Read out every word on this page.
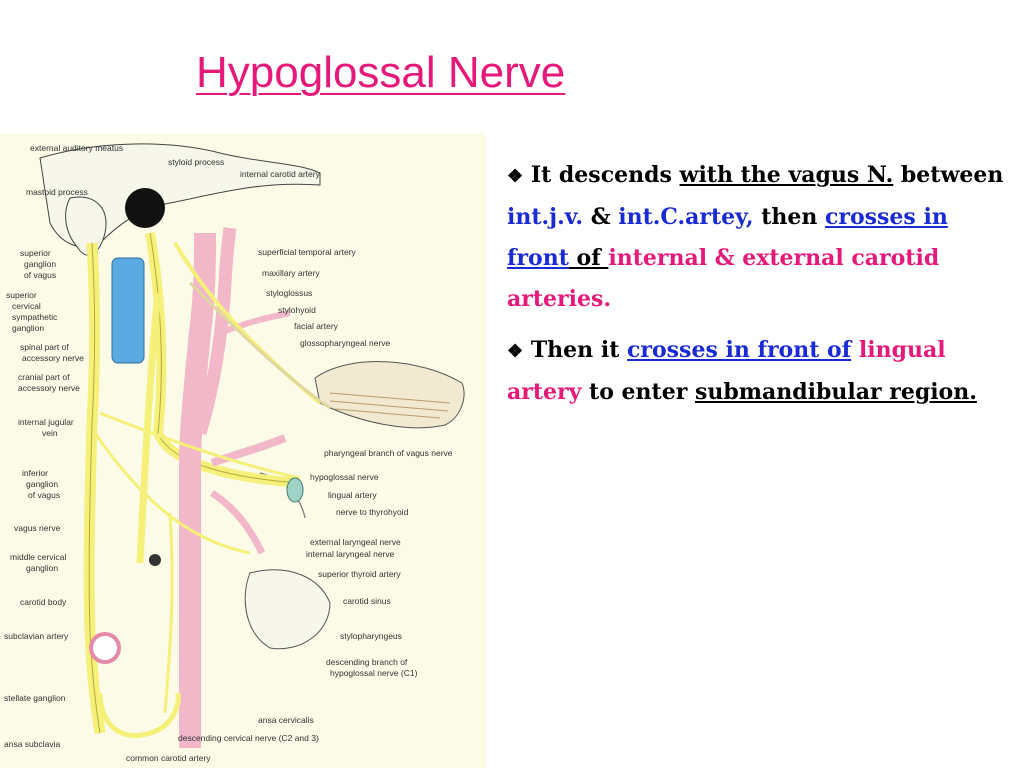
Hypoglossal Nerve
external auditory meatus
styloid process
internal carotid artery
mastoid process
superior
ganglion
of vagus
superior
cervical
sympathetic
ganglion
superficial temporal artery
maxillary artery
styloglossus
stylohyoid
facial artery
glossopharyngeal nerve
spinal part of
accessory nerve
cranial part of
accessory nerve
internal jugular
vein
pharyngeal branch of vagus nerve
hypoglossal nerve
lingual artery
nerve to thyrohyoid
inferior
ganglion
of vagus
vagus nerve
external laryngeal nerve
internal laryngeal nerve
middle cervical
ganglion
superior thyroid artery
carotid body	carotid sinus
subclavian artery	stylopharyngeus
descending branch of
hypoglossal nerve (C1)
stellate ganglion
ansa cervicalis
descending cervical nerve (C2 and 3)
ansa subclavia
common carotid artery

❖ It descends with the vagus N. between int.j.v. & int.C.artey, then crosses in front of internal & external carotid arteries.

❖ Then it crosses in front of lingual artery to enter submandibular region.
